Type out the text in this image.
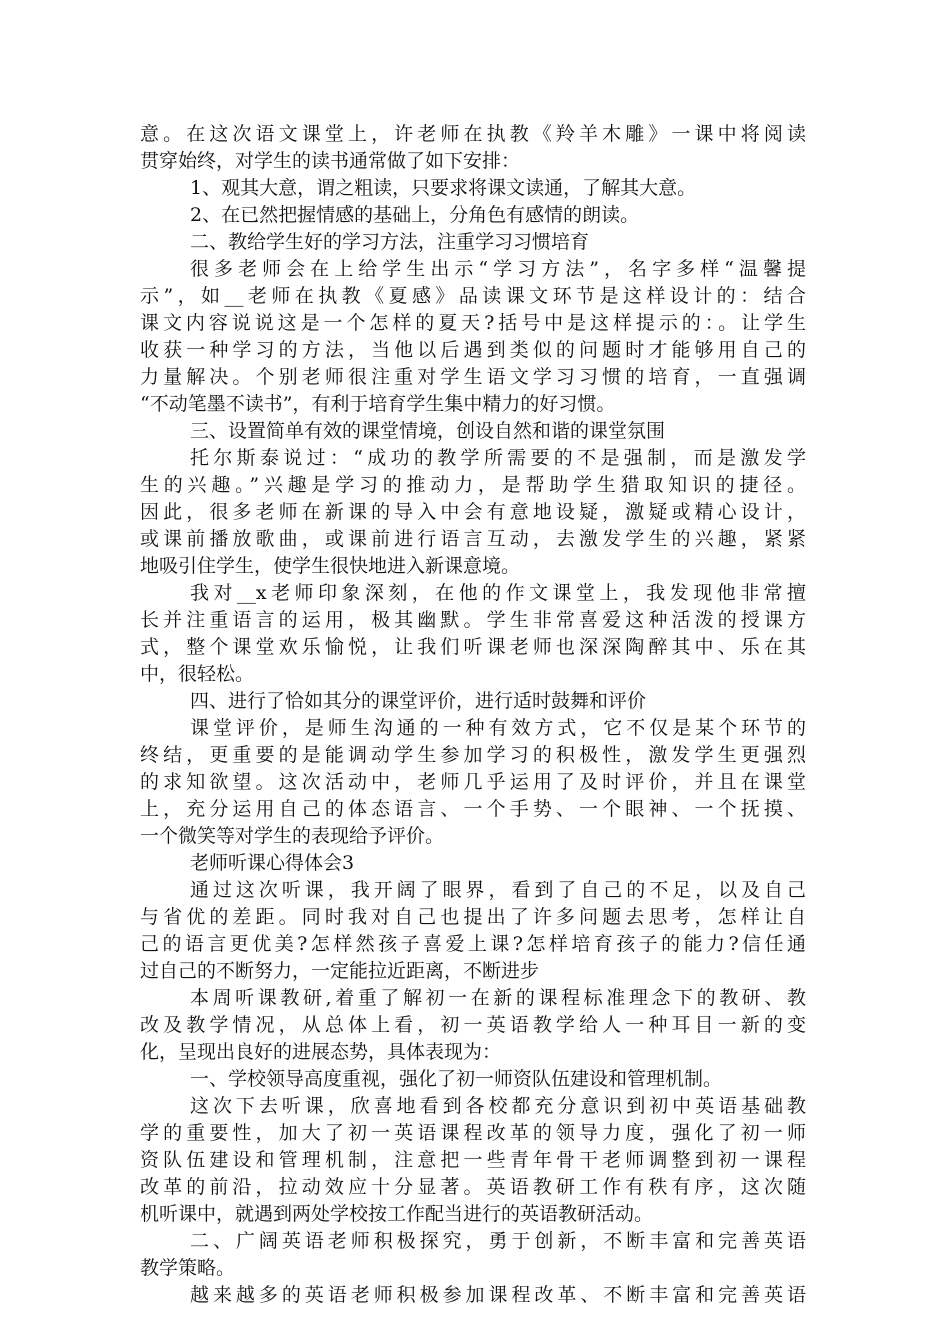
意。在这次语文课堂上，许老师在执教《羚羊木雕》一课中将阅读
贯穿始终，对学生的读书通常做了如下安排：
1、观其大意，谓之粗读，只要求将课文读通，了解其大意。
2、在已然把握情感的基础上，分角色有感情的朗读。
二、教给学生好的学习方法，注重学习习惯培育
很多老师会在上给学生出示“学习方法”，名字多样“温馨提
示”，如__老师在执教《夏感》品读课文环节是这样设计的：结合
课文内容说说这是一个怎样的夏天?括号中是这样提示的：。让学生
收获一种学习的方法，当他以后遇到类似的问题时才能够用自己的
力量解决。个别老师很注重对学生语文学习习惯的培育，一直强调
“不动笔墨不读书”，有利于培育学生集中精力的好习惯。
三、设置简单有效的课堂情境，创设自然和谐的课堂氛围
托尔斯泰说过：“成功的教学所需要的不是强制，而是激发学
生的兴趣。”兴趣是学习的推动力，是帮助学生猎取知识的捷径。
因此，很多老师在新课的导入中会有意地设疑，激疑或精心设计，
或课前播放歌曲，或课前进行语言互动，去激发学生的兴趣，紧紧
地吸引住学生，使学生很快地进入新课意境。
我对__x老师印象深刻，在他的作文课堂上，我发现他非常擅
长并注重语言的运用，极其幽默。学生非常喜爱这种活泼的授课方
式，整个课堂欢乐愉悦，让我们听课老师也深深陶醉其中、乐在其
中，很轻松。
四、进行了恰如其分的课堂评价，进行适时鼓舞和评价
课堂评价，是师生沟通的一种有效方式，它不仅是某个环节的
终结，更重要的是能调动学生参加学习的积极性，激发学生更强烈
的求知欲望。这次活动中，老师几乎运用了及时评价，并且在课堂
上，充分运用自己的体态语言、一个手势、一个眼神、一个抚摸、
一个微笑等对学生的表现给予评价。
老师听课心得体会3
通过这次听课，我开阔了眼界，看到了自己的不足，以及自己
与省优的差距。同时我对自己也提出了许多问题去思考，怎样让自
己的语言更优美?怎样然孩子喜爱上课?怎样培育孩子的能力?信任通
过自己的不断努力，一定能拉近距离，不断进步
本周听课教研,着重了解初一在新的课程标准理念下的教研、教
改及教学情况，从总体上看，初一英语教学给人一种耳目一新的变
化，呈现出良好的进展态势，具体表现为：
一、学校领导高度重视，强化了初一师资队伍建设和管理机制。
这次下去听课，欣喜地看到各校都充分意识到初中英语基础教
学的重要性，加大了初一英语课程改革的领导力度，强化了初一师
资队伍建设和管理机制，注意把一些青年骨干老师调整到初一课程
改革的前沿，拉动效应十分显著。英语教研工作有秩有序，这次随
机听课中，就遇到两处学校按工作配当进行的英语教研活动。
二、广阔英语老师积极探究，勇于创新，不断丰富和完善英语
教学策略。
越来越多的英语老师积极参加课程改革、不断丰富和完善英语
